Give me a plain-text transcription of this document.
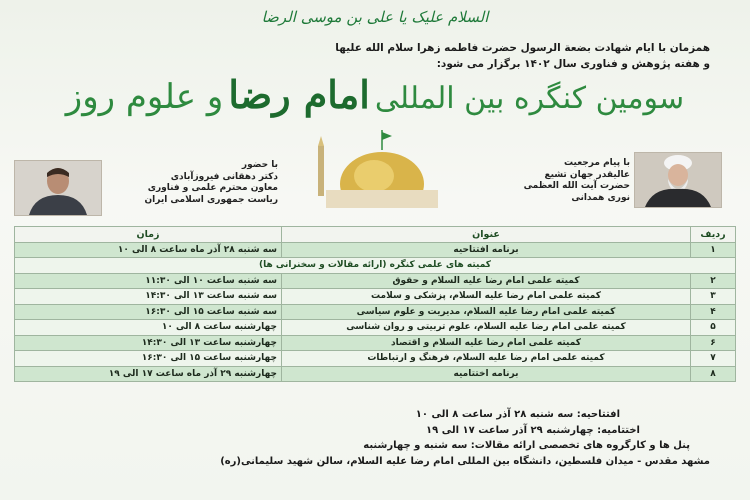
السلام علیک یا علی بن موسی الرضا
همزمان با ایام شهادت بضعة الرسول حضرت فاطمه زهرا سلام الله علیها
و هفته پژوهش و فناوری سال ۱۴۰۲ برگزار می شود:
سومین کنگره بین المللی امام رضا و علوم روز
با حضور
دکتر دهقانی فیروزآبادی
معاون محترم علمی و فناوری
ریاست جمهوری اسلامی ایران
با پیام مرجعیت
عالیقدر جهان تشیع
حضرت آیت الله العظمی
نوری همدانی
ردیف	عنوان	زمان
۱	برنامه افتتاحیه	سه شنبه ۲۸ آذر ماه ساعت ۸ الی ۱۰
کمیته های علمی کنگره (ارائه مقالات و سخنرانی ها)		
۲	کمیته علمی امام رضا علیه السلام و حقوق	سه شنبه ساعت ۱۰ الی ۱۱:۳۰
۳	کمیته علمی امام رضا علیه السلام، پزشکی و سلامت	سه شنبه ساعت ۱۳ الی ۱۴:۳۰
۴	کمیته علمی امام رضا علیه السلام، مدیریت و علوم سیاسی	سه شنبه ساعت ۱۵ الی ۱۶:۳۰
۵	کمیته علمی امام رضا علیه السلام، علوم تربیتی و روان شناسی	چهارشنبه ساعت ۸ الی ۱۰
۶	کمیته علمی امام رضا علیه السلام و اقتصاد	چهارشنبه ساعت ۱۳ الی ۱۴:۳۰
۷	کمیته علمی امام رضا علیه السلام، فرهنگ و ارتباطات	چهارشنبه ساعت ۱۵ الی ۱۶:۳۰
۸	برنامه اختتامیه	چهارشنبه ۲۹ آذر ماه ساعت ۱۷ الی ۱۹
افتتاحیه: سه شنبه ۲۸ آذر ساعت ۸ الی ۱۰
اختتامیه: چهارشنبه ۲۹ آذر ساعت ۱۷ الی ۱۹
پنل ها و کارگروه های تخصصی ارائه مقالات: سه شنبه و چهارشنبه
مشهد مقدس - میدان فلسطین، دانشگاه بین المللی امام رضا علیه السلام، سالن شهید سلیمانی(ره)
